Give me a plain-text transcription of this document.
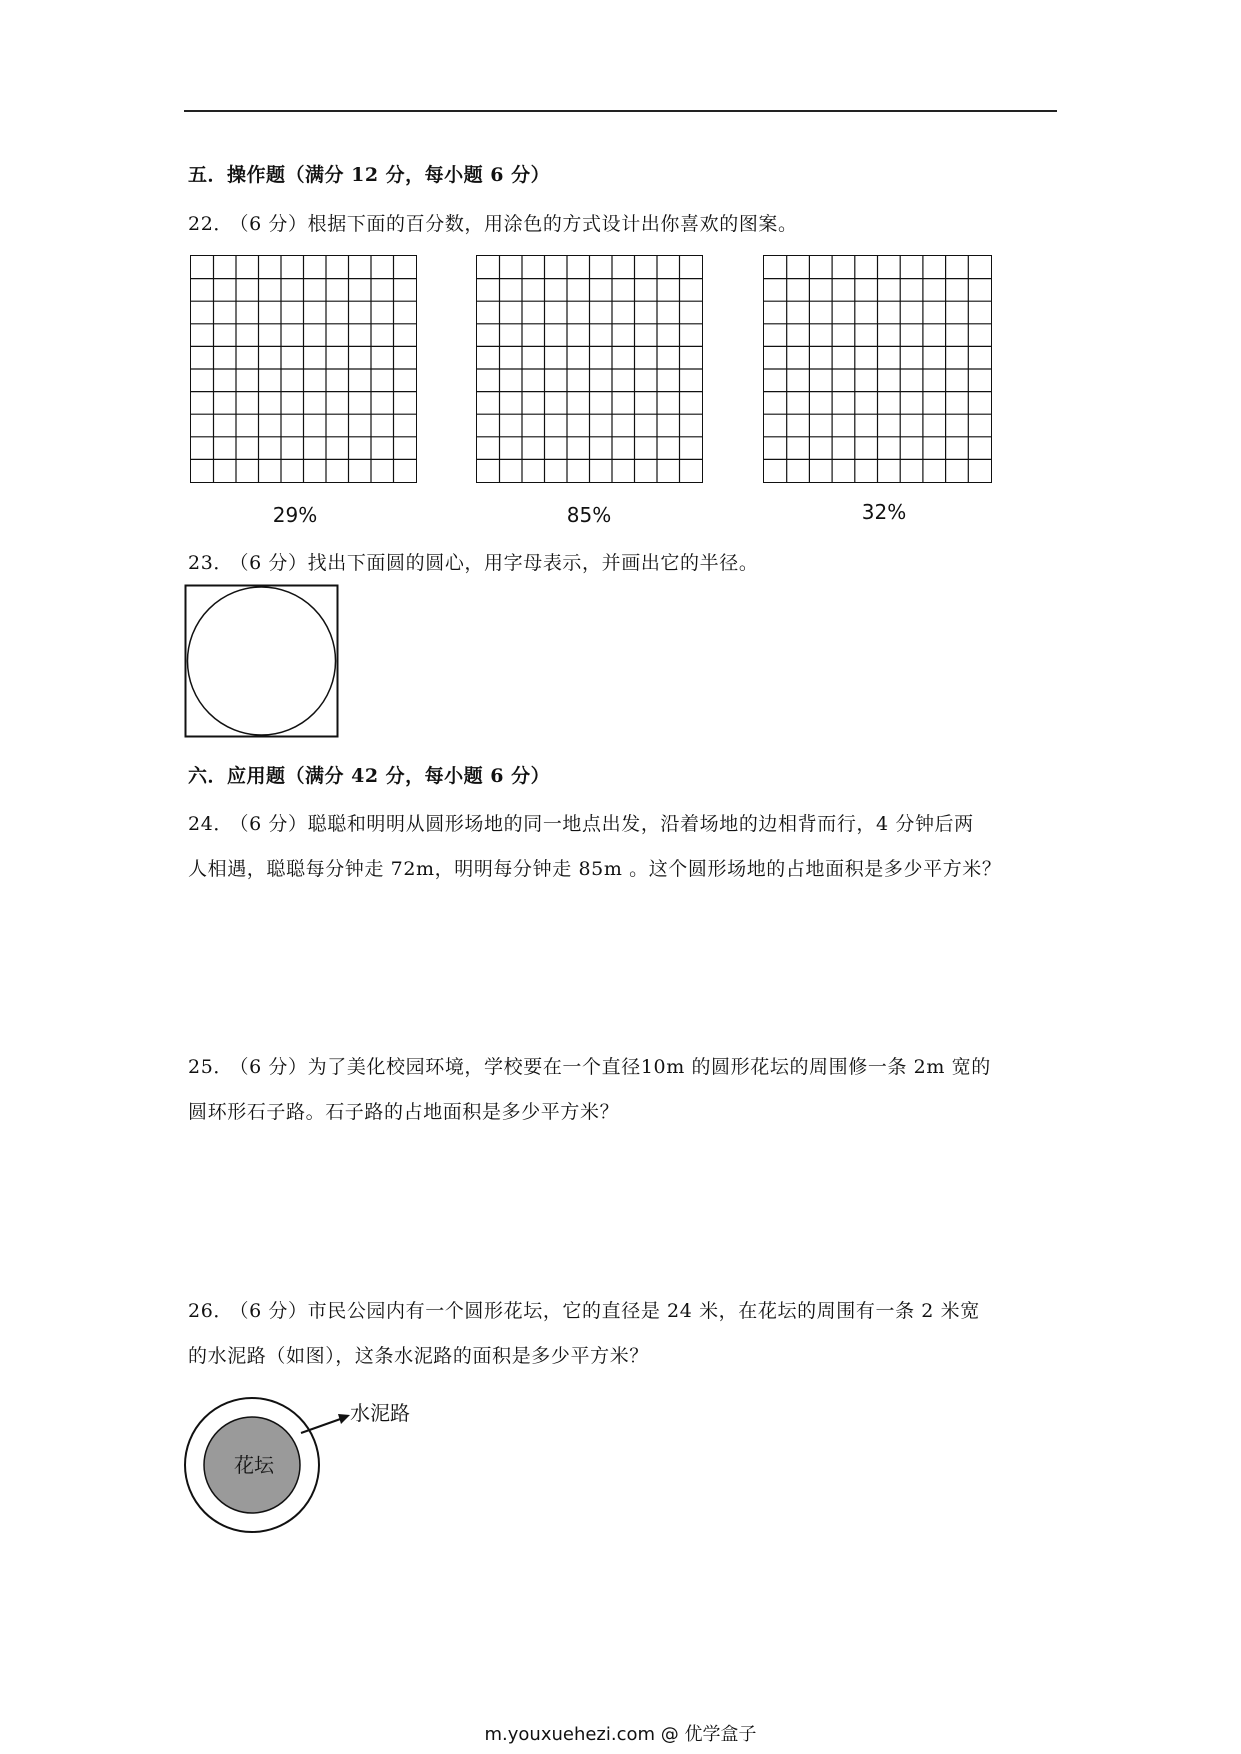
五．操作题（满分 12 分，每小题 6 分）
22． （6 分）根据下面的百分数，用涂色的方式设计出你喜欢的图案。
29%	85%	32%
23． （6 分）找出下面圆的圆心，用字母表示，并画出它的半径。
六．应用题（满分 42 分，每小题 6 分）
24． （6 分）聪聪和明明从圆形场地的同一地点出发，沿着场地的边相背而行，4 分钟后两
人相遇，聪聪每分钟走 72m，明明每分钟走 85m 。这个圆形场地的占地面积是多少平方米？
25． （6 分）为了美化校园环境，学校要在一个直径10m 的圆形花坛的周围修一条 2m 宽的
圆环形石子路。石子路的占地面积是多少平方米？
26． （6 分）市民公园内有一个圆形花坛，它的直径是 24 米，在花坛的周围有一条 2 米宽
的水泥路（如图），这条水泥路的面积是多少平方米？
花坛
水泥路
m.youxuehezi.com @ 优学盒子
